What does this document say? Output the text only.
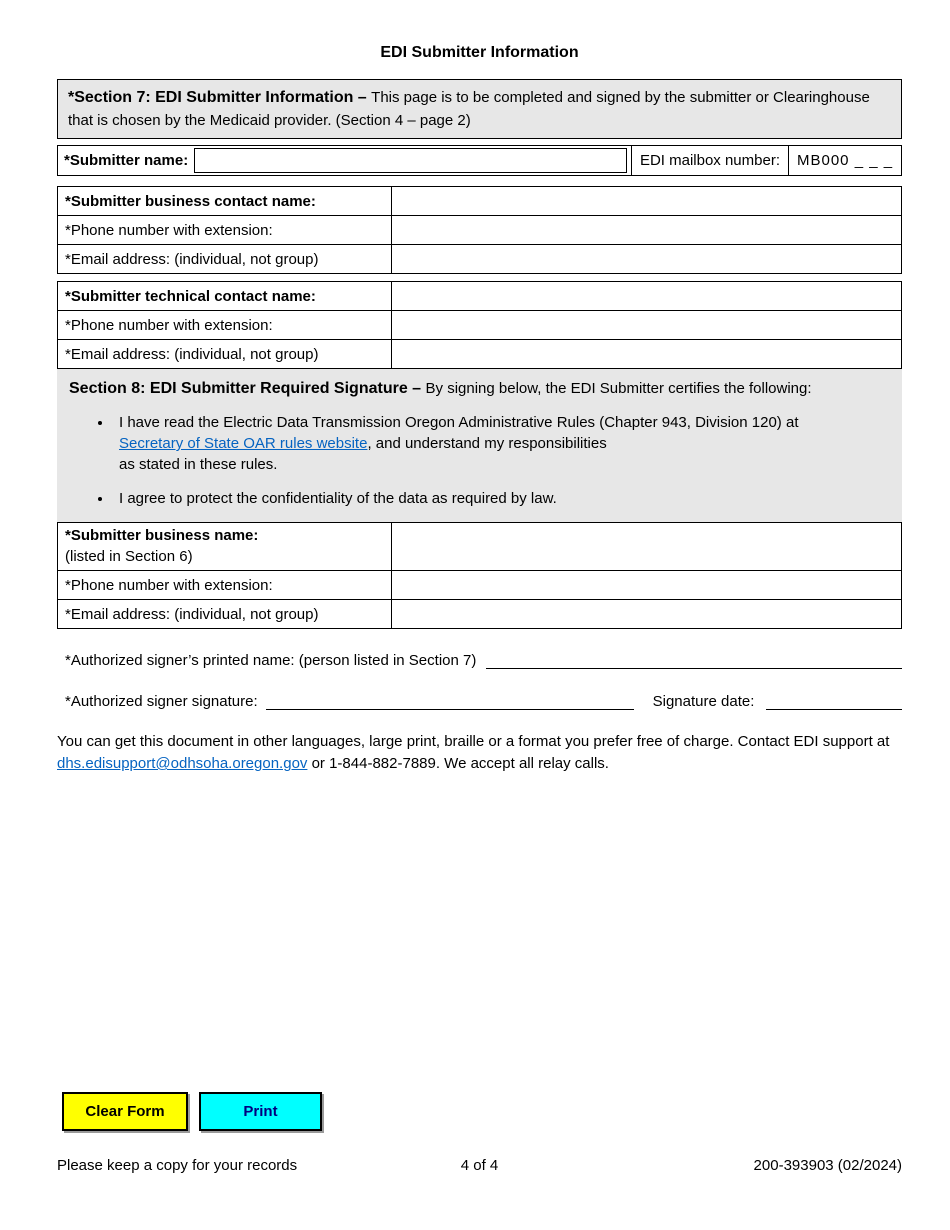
EDI Submitter Information
*Section 7: EDI Submitter Information – This page is to be completed and signed by the submitter or Clearinghouse that is chosen by the Medicaid provider. (Section 4 – page 2)
*Submitter name:	EDI mailbox number:	MB000 _ _ _
*Submitter business contact name:	
*Phone number with extension:	
*Email address: (individual, not group)	
*Submitter technical contact name:	
*Phone number with extension:	
*Email address: (individual, not group)	
Section 8: EDI Submitter Required Signature – By signing below, the EDI Submitter certifies the following:
• I have read the Electric Data Transmission Oregon Administrative Rules (Chapter 943, Division 120) at
Secretary of State OAR rules website, and understand my responsibilities
as stated in these rules.
• I agree to protect the confidentiality of the data as required by law.
*Submitter business name:
(listed in Section 6)	
*Phone number with extension:	
*Email address: (individual, not group)	
*Authorized signer’s printed name: (person listed in Section 7)
*Authorized signer signature:	Signature date:
You can get this document in other languages, large print, braille or a format you prefer free of charge. Contact EDI support at
dhs.edisupport@odhsoha.oregon.gov or 1-844-882-7889. We accept all relay calls.
Clear Form	Print
Please keep a copy for your records	4 of 4	200-393903 (02/2024)
